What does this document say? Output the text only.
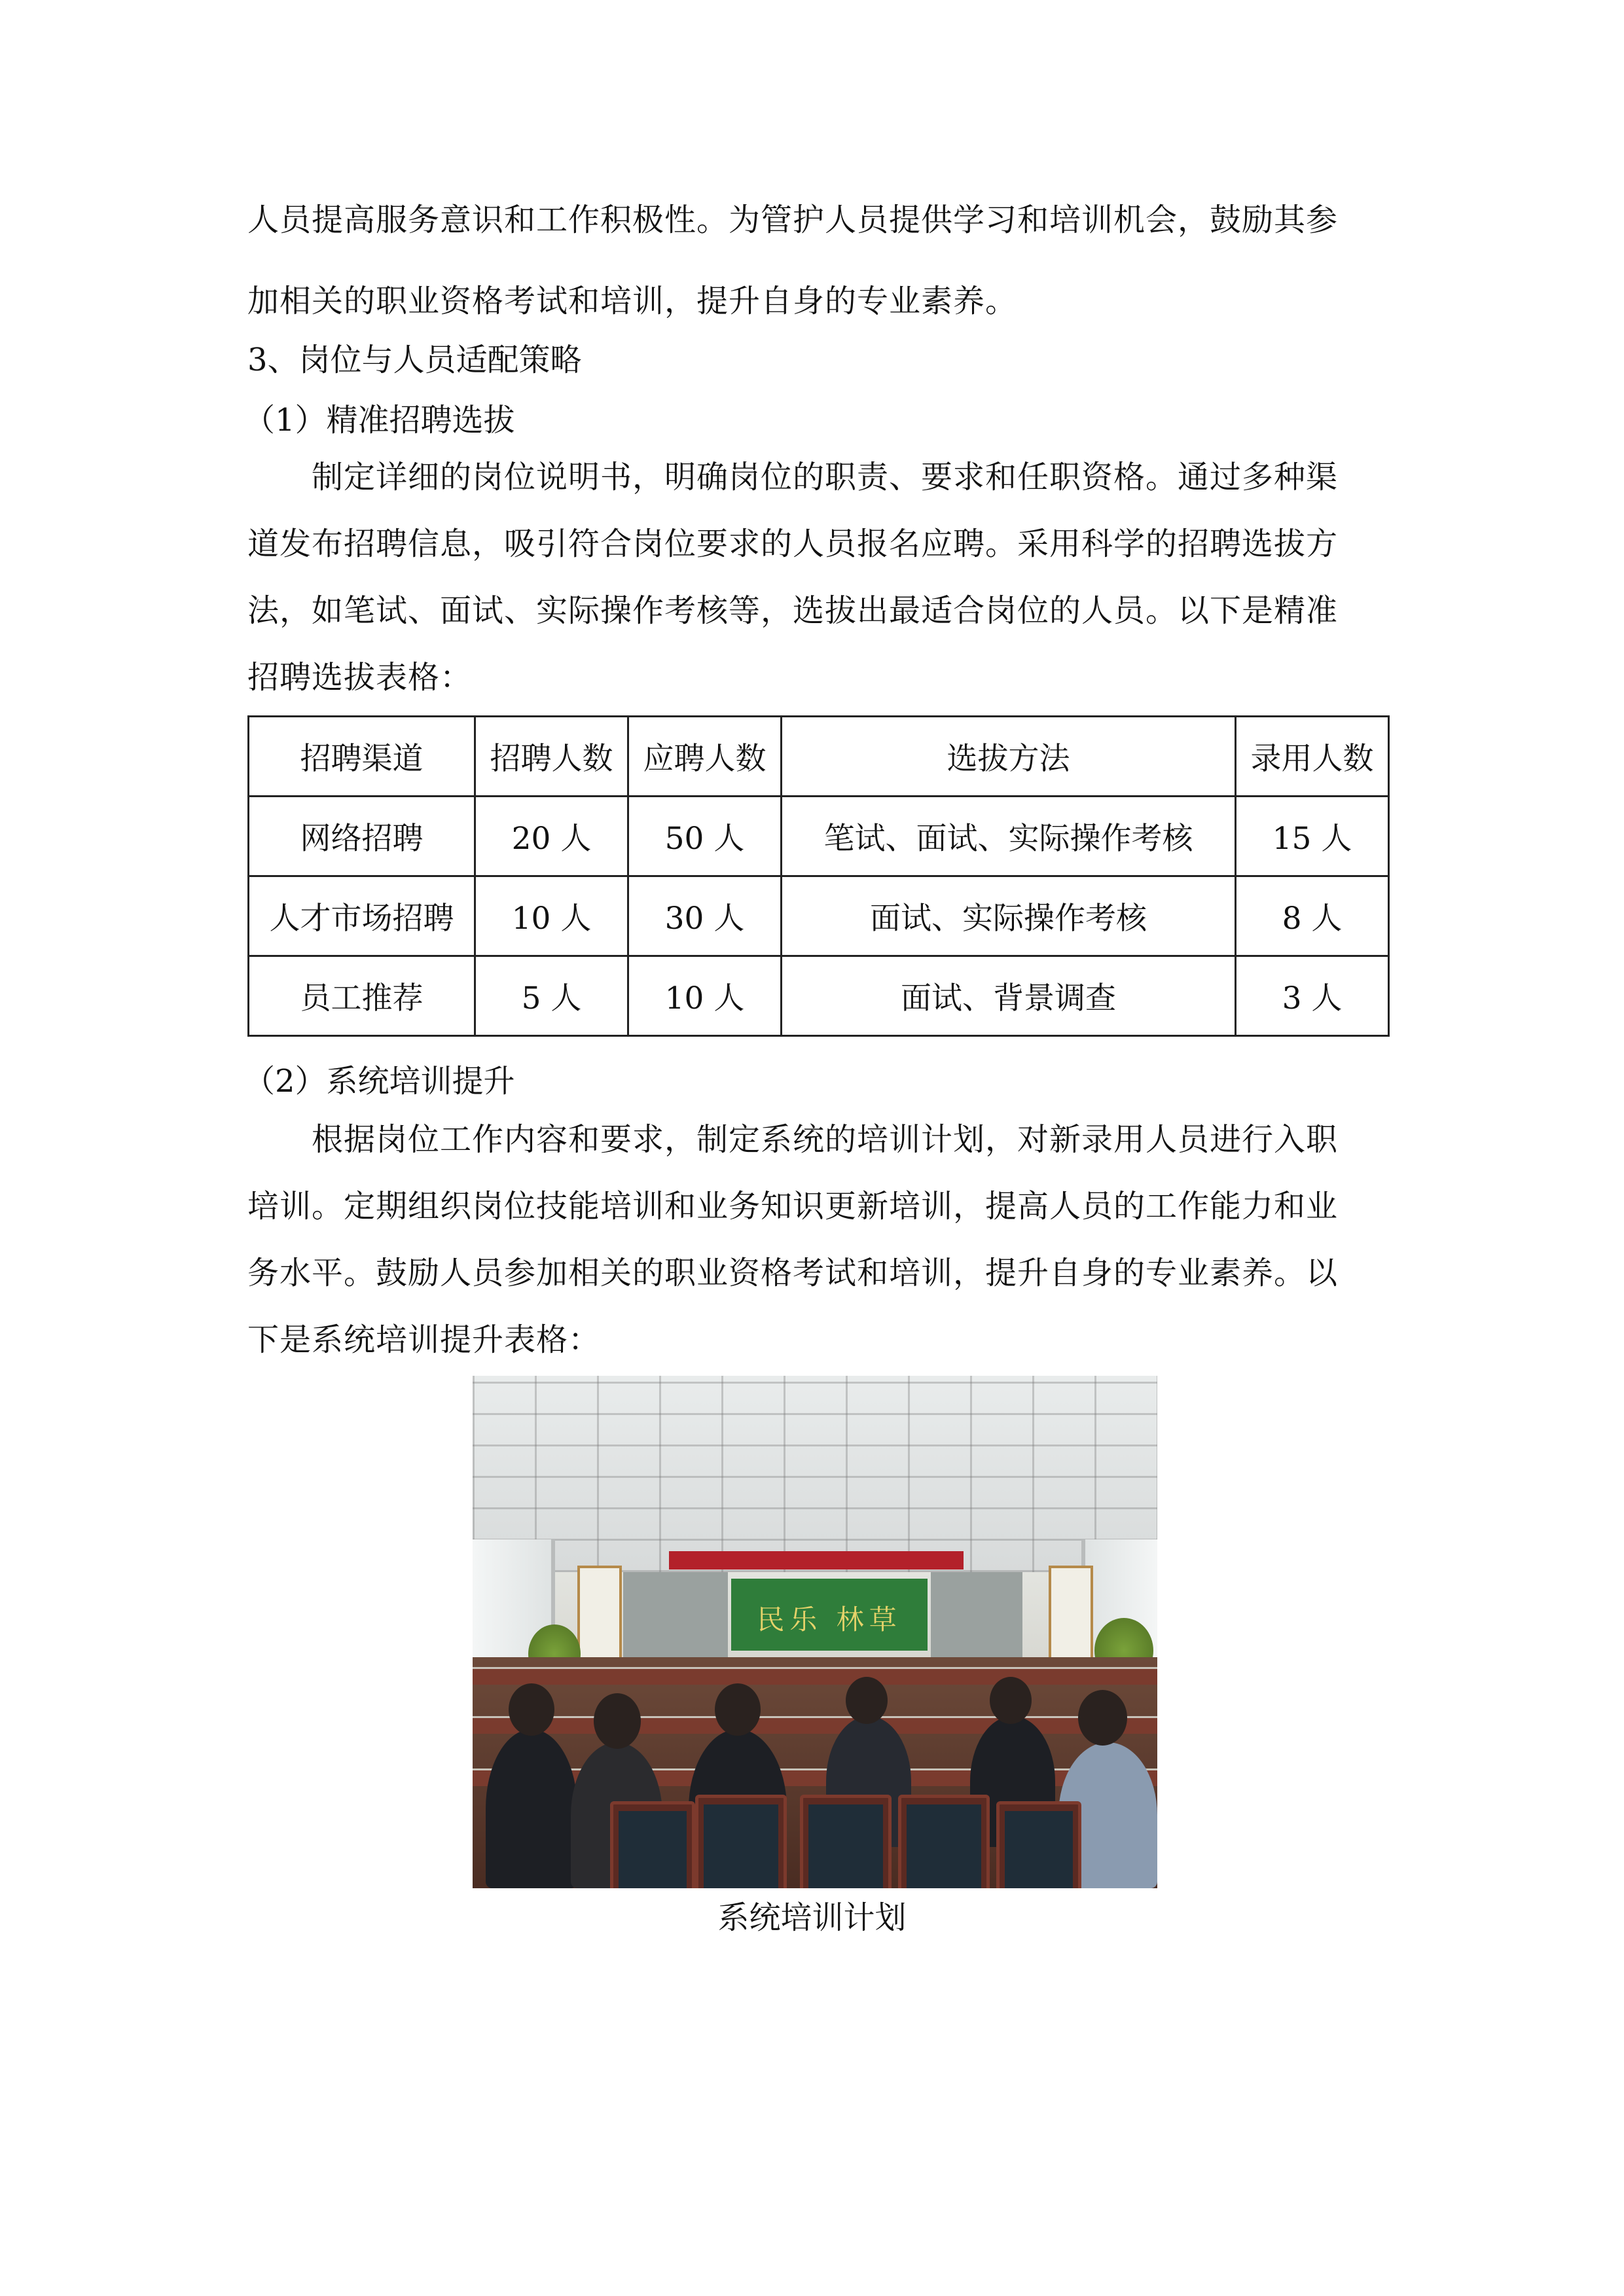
人员提高服务意识和工作积极性。为管护人员提供学习和培训机会，鼓励其参
加相关的职业资格考试和培训，提升自身的专业素养。

3、岗位与人员适配策略

（1）精准招聘选拔

制定详细的岗位说明书，明确岗位的职责、要求和任职资格。通过多种渠
道发布招聘信息，吸引符合岗位要求的人员报名应聘。采用科学的招聘选拔方
法，如笔试、面试、实际操作考核等，选拔出最适合岗位的人员。以下是精准
招聘选拔表格：
招聘渠道	招聘人数	应聘人数	选拔方法	录用人数
网络招聘	20 人	50 人	笔试、面试、实际操作考核	15 人
人才市场招聘	10 人	30 人	面试、实际操作考核	8 人
员工推荐	5 人	10 人	面试、背景调查	3 人

（2）系统培训提升

根据岗位工作内容和要求，制定系统的培训计划，对新录用人员进行入职
培训。定期组织岗位技能培训和业务知识更新培训，提高人员的工作能力和业
务水平。鼓励人员参加相关的职业资格考试和培训，提升自身的专业素养。以
下是系统培训提升表格：
民乐 林草

系统培训计划
